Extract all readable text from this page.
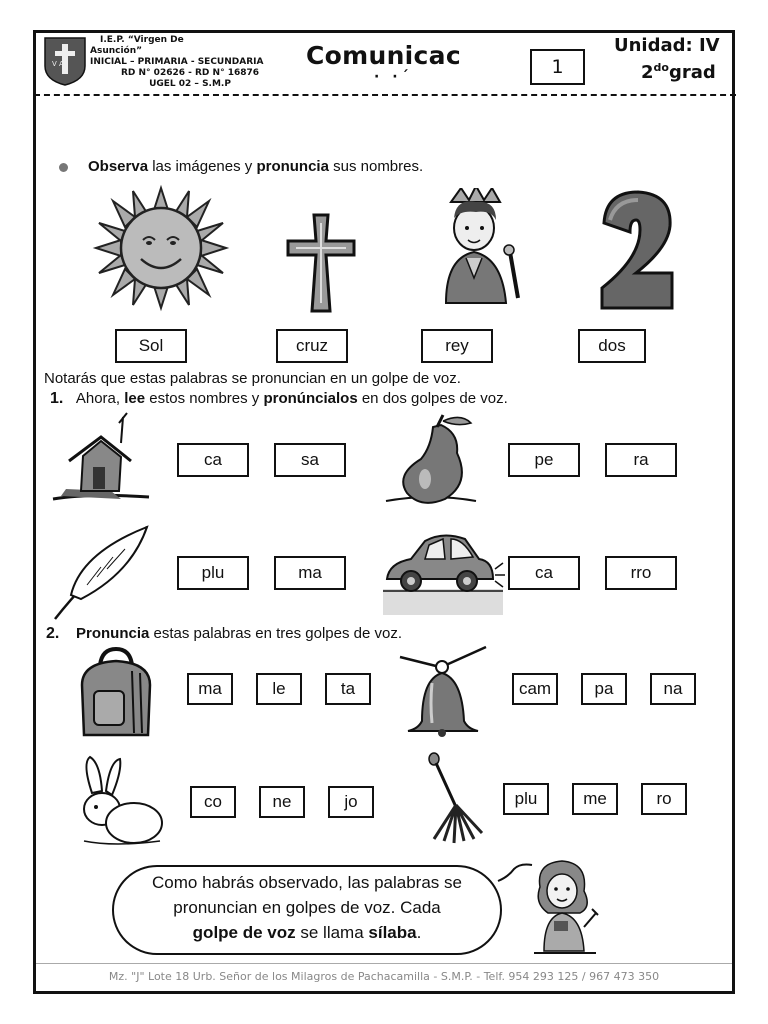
V A
I.E.P. “Virgen De
Asunción”
INICIAL – PRIMARIA - SECUNDARIA
RD N° 02626 - RD N° 16876
UGEL 02 – S.M.P
Comunicac
· ·´	1
Unidad: IV
$2^{do}grad$
Observa las imágenes y pronuncia sus nombres.
Sol	cruz	rey	dos
Notarás que estas palabras se pronuncian en un golpe de voz.
1. Ahora, lee estos nombres y pronúncialos en dos golpes de voz.
ca	sa	pe	ra
plu	ma	ca	rro
2. Pronuncia estas palabras en tres golpes de voz.
ma	le	ta	cam	pa	na
co	ne	jo	plu	me	ro
Como habrás observado, las palabras se
pronuncian en golpes de voz. Cada
golpe de voz se llama sílaba.
Mz. "J" Lote 18 Urb. Señor de los Milagros de Pachacamilla - S.M.P. - Telf. 954 293 125 / 967 473 350
